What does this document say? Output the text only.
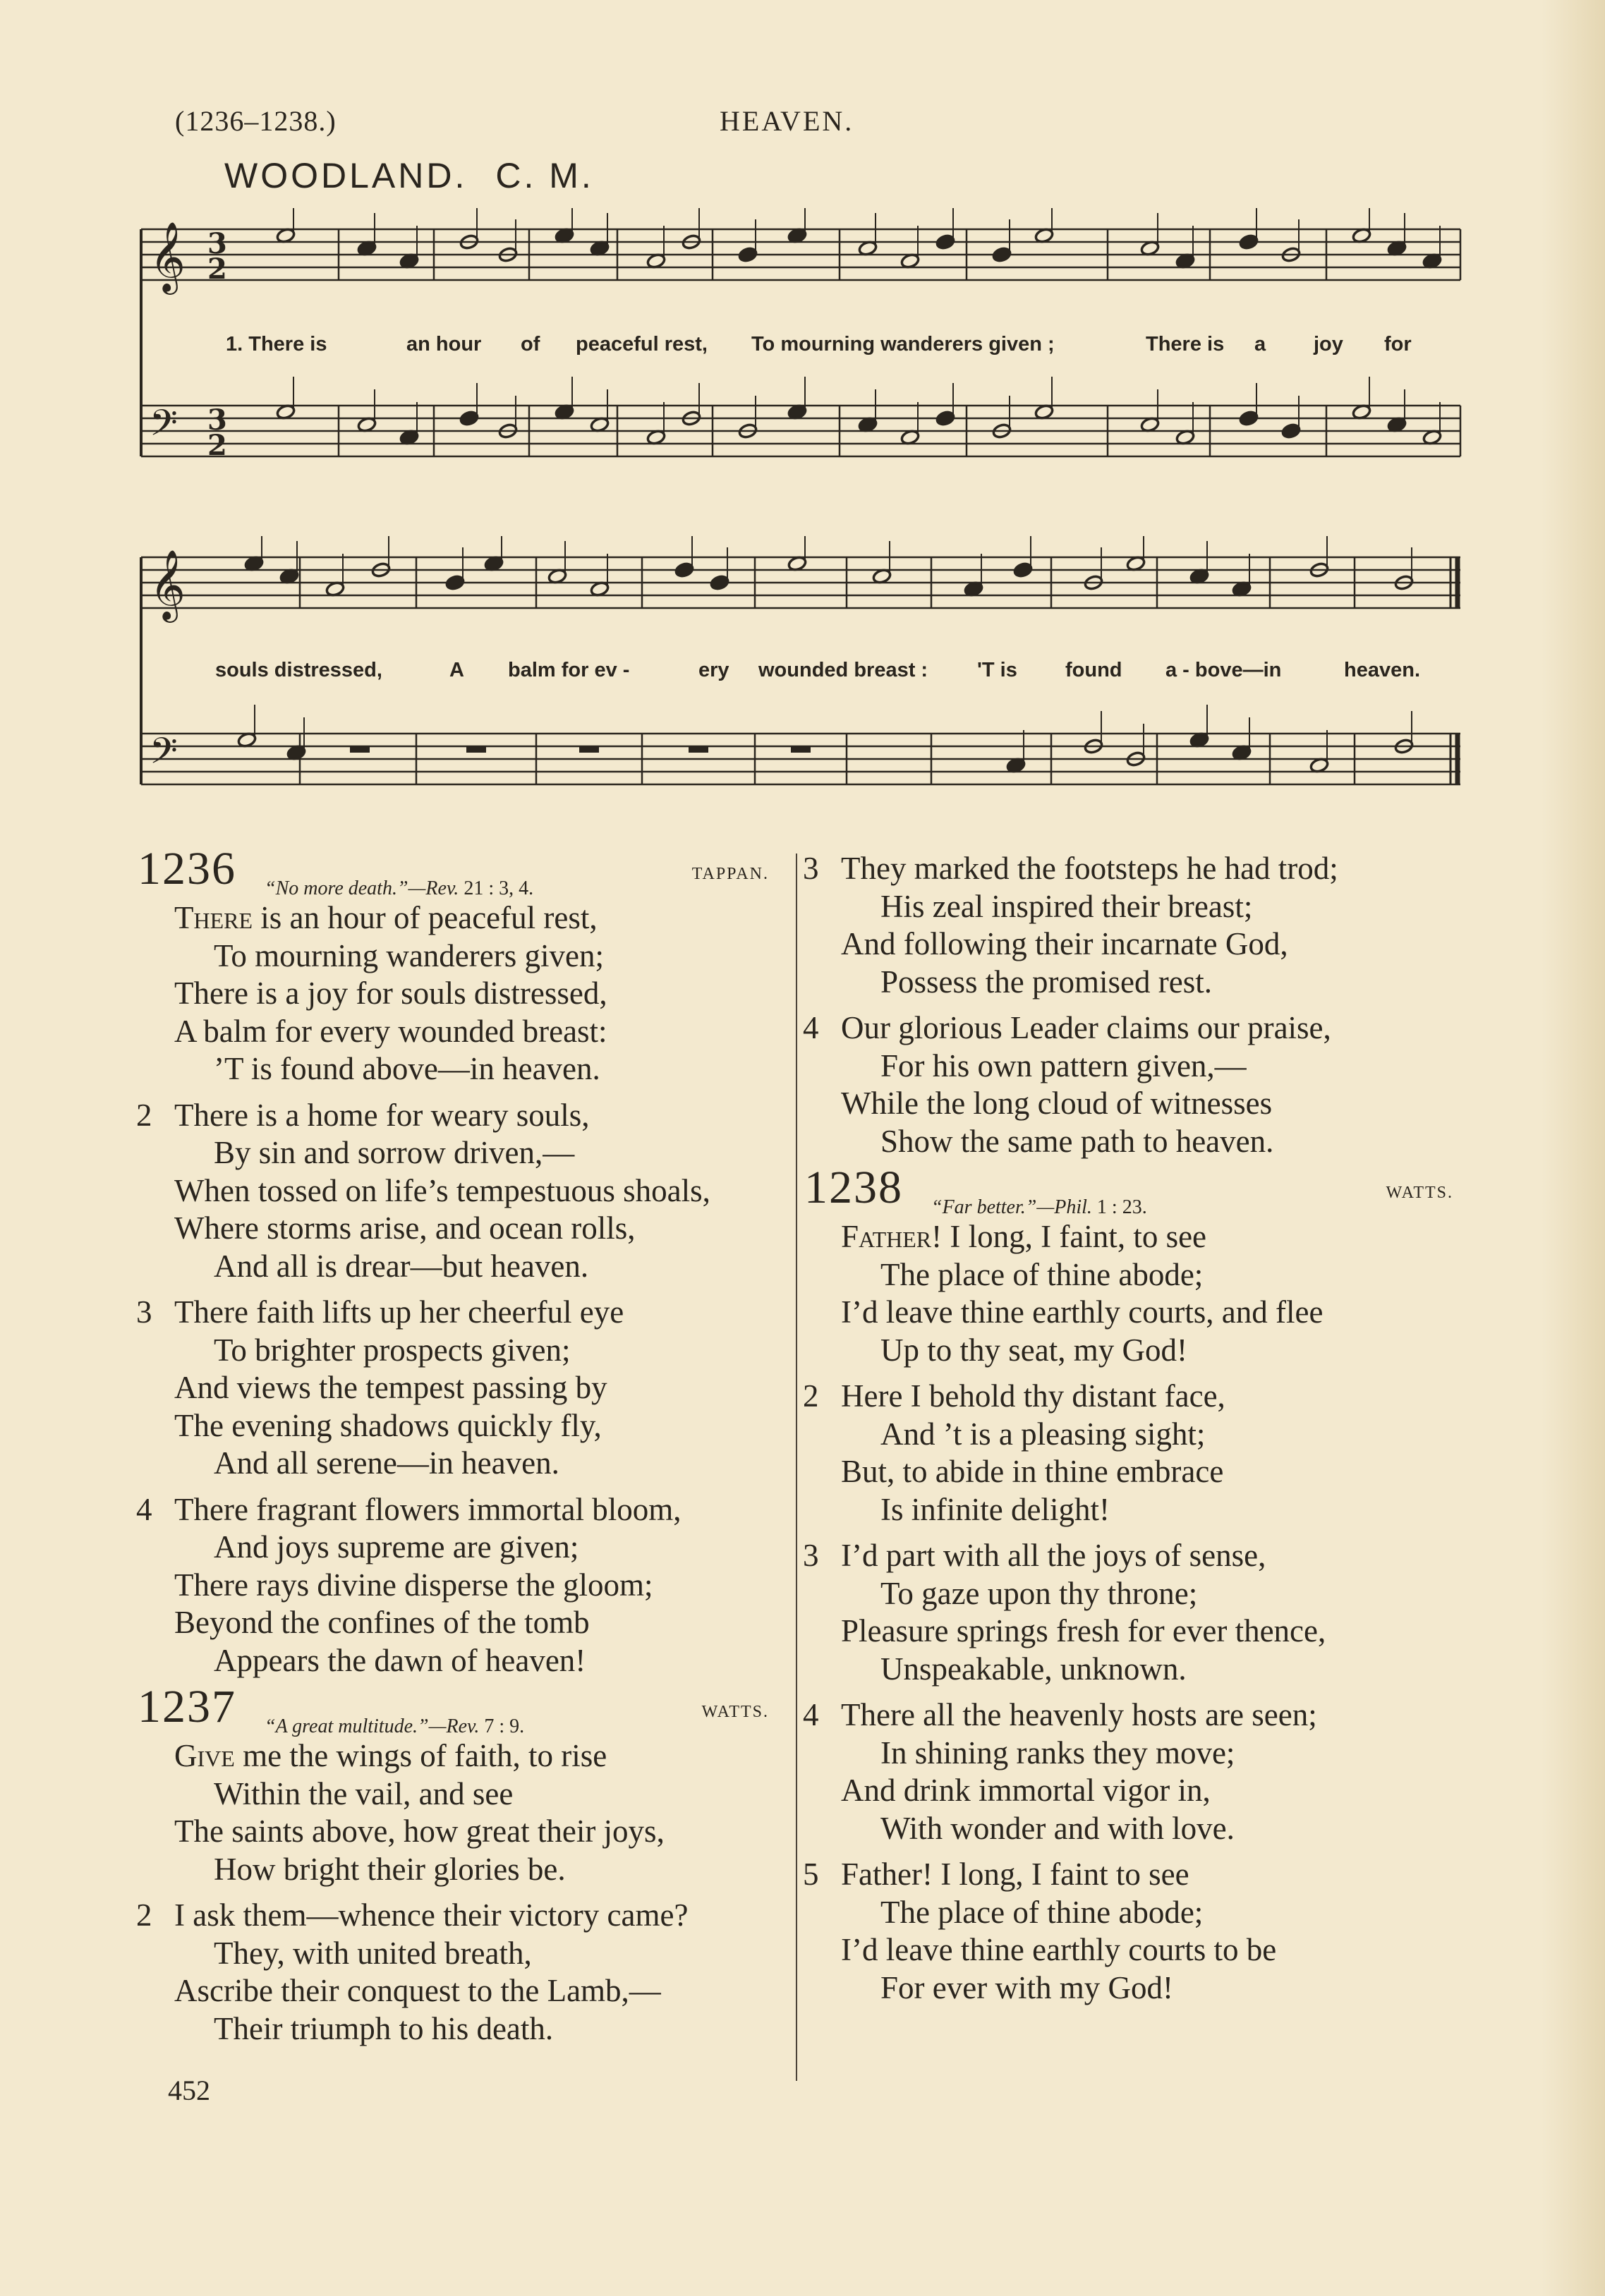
(1236–1238.)	HEAVEN.
WOODLAND. C. M.
𝄞
𝄢
3
2
3
2
1. There is	an hour of peaceful rest, To mourning wanderers given ;	There is a joy for
𝄞
𝄢
souls distressed,	A balm for ev -	ery wounded breast : 'T is found a - bove—in	heaven.
1236 “No more death.”—Rev. 21 : 3, 4.
TAPPAN.
There is an hour of peaceful rest,
To mourning wanderers given;
There is a joy for souls distressed,
A balm for every wounded breast:
’T is found above—in heaven.
2 There is a home for weary souls,
By sin and sorrow driven,—
When tossed on life’s tempestuous shoals,
Where storms arise, and ocean rolls,
And all is drear—but heaven.
3 There faith lifts up her cheerful eye
To brighter prospects given;
And views the tempest passing by
The evening shadows quickly fly,
And all serene—in heaven.
4 There fragrant flowers immortal bloom,
And joys supreme are given;
There rays divine disperse the gloom;
Beyond the confines of the tomb
Appears the dawn of heaven!
1237 “A great multitude.”—Rev. 7 : 9.
WATTS.
Give me the wings of faith, to rise
Within the vail, and see
The saints above, how great their joys,
How bright their glories be.
2 I ask them—whence their victory came?
They, with united breath,
Ascribe their conquest to the Lamb,—
Their triumph to his death.
3 They marked the footsteps he had trod;
His zeal inspired their breast;
And following their incarnate God,
Possess the promised rest.
4 Our glorious Leader claims our praise,
For his own pattern given,—
While the long cloud of witnesses
Show the same path to heaven.
1238 “Far better.”—Phil. 1 : 23.
WATTS.
Father! I long, I faint, to see
The place of thine abode;
I’d leave thine earthly courts, and flee
Up to thy seat, my God!
2 Here I behold thy distant face,
And ’t is a pleasing sight;
But, to abide in thine embrace
Is infinite delight!
3 I’d part with all the joys of sense,
To gaze upon thy throne;
Pleasure springs fresh for ever thence,
Unspeakable, unknown.
4 There all the heavenly hosts are seen;
In shining ranks they move;
And drink immortal vigor in,
With wonder and with love.
5 Father! I long, I faint to see
The place of thine abode;
I’d leave thine earthly courts to be
For ever with my God!
452
